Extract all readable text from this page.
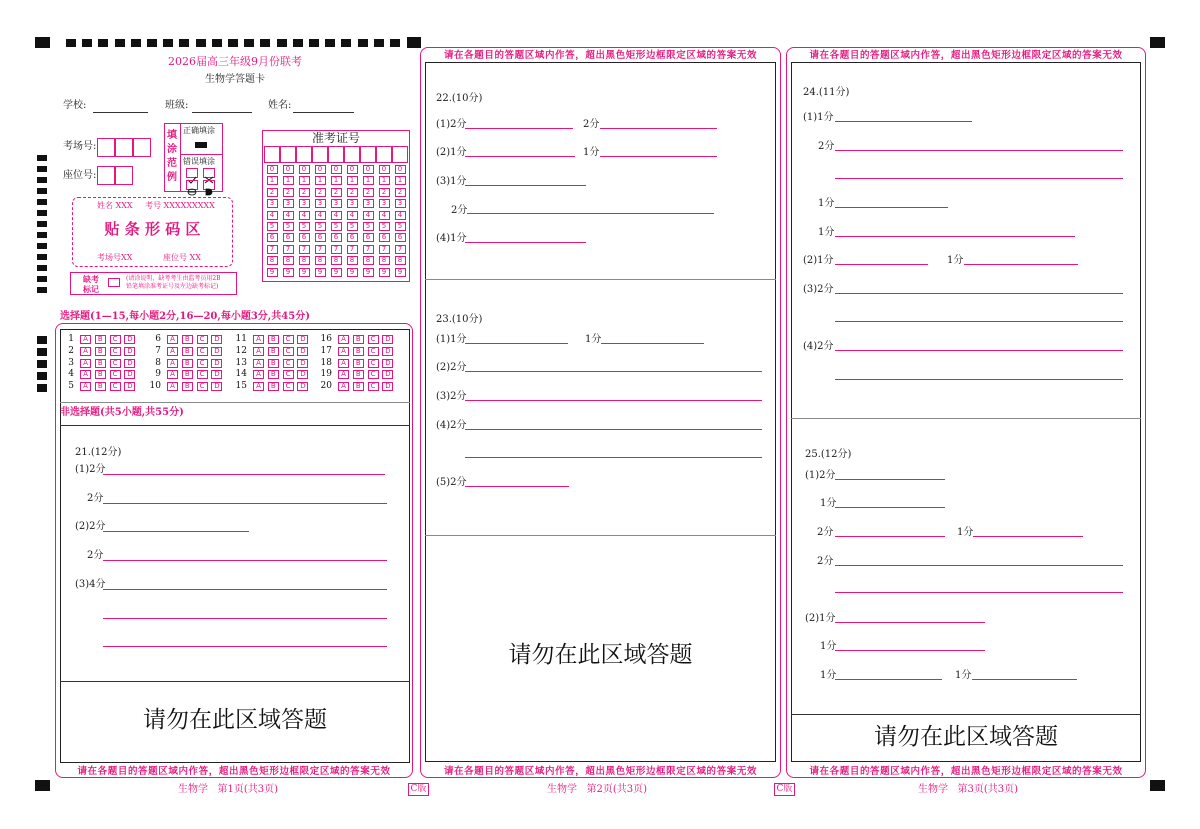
2026届高三年级9月份联考
生物学答题卡
学校:	班级:	姓名:
考场号:
座位号:
填涂范例
正确填涂
错误填涂
准考证号
0	0	0	0	0	0	0	0	0
1	1	1	1	1	1	1	1	1
2	2	2	2	2	2	2	2	2
3	3	3	3	3	3	3	3	3
4	4	4	4	4	4	4	4	4
5	5	5	5	5	5	5	5	5
6	6	6	6	6	6	6	6	6
7	7	7	7	7	7	7	7	7
8	8	8	8	8	8	8	8	8
9	9	9	9	9	9	9	9	9
姓名 XXX 考号 XXXXXXXXX
贴 条 形 码 区
考场号XX	座位号 XX
缺考标记
(请涂说明，缺考考生由监考员用2B
铅笔填涂准考证号及左边缺考标记)
选择题(1—15,每小题2分,16—20,每小题3分,共45分)
1	A	B	C	D
2	A	B	C	D
3	A	B	C	D
4	A	B	C	D
5	A	B	C	D
6	A	B	C	D
7	A	B	C	D
8	A	B	C	D
9	A	B	C	D
10	A	B	C	D
11	A	B	C	D
12	A	B	C	D
13	A	B	C	D
14	A	B	C	D
15	A	B	C	D
16	A	B	C	D
17	A	B	C	D
18	A	B	C	D
19	A	B	C	D
20	A	B	C	D
非选择题(共5小题,共55分)
21.(12分)
(1)2分
2分
(2)2分
2分
(3)4分
请勿在此区域答题
请在各题目的答题区域内作答，超出黑色矩形边框限定区域的答案无效
生物学   第1页(共3页)	C版
请在各题目的答题区域内作答，超出黑色矩形边框限定区域的答案无效
22.(10分)
(1)2分	2分
(2)1分	1分
(3)1分
2分
(4)1分
23.(10分)
(1)1分	1分
(2)2分
(3)2分
(4)2分
(5)2分
请勿在此区域答题
请在各题目的答题区域内作答，超出黑色矩形边框限定区域的答案无效
生物学   第2页(共3页)	C版
请在各题目的答题区域内作答，超出黑色矩形边框限定区域的答案无效
24.(11分)
(1)1分
2分
1分
1分
(2)1分	1分
(3)2分
(4)2分
25.(12分)
(1)2分
1分
2分	1分
2分
(2)1分
1分
1分	1分
请勿在此区域答题
请在各题目的答题区域内作答，超出黑色矩形边框限定区域的答案无效
生物学   第3页(共3页)
